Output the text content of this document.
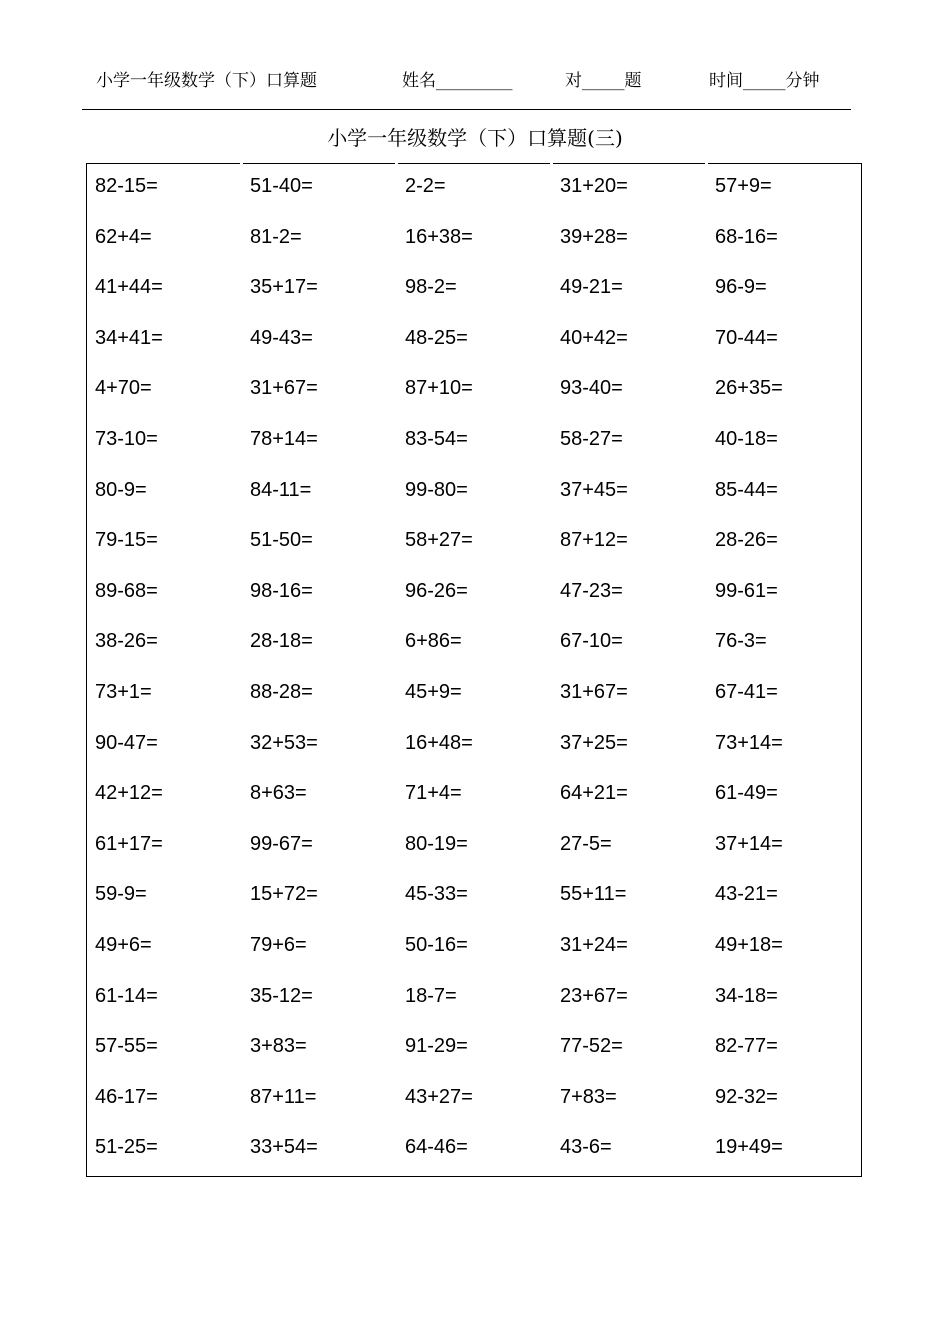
小学一年级数学（下）口算题	姓名_________	对_____题	时间_____分钟
小学一年级数学（下）口算题(三)
82-15=	51-40=	2-2=	31+20=	57+9=
62+4=	81-2=	16+38=	39+28=	68-16=
41+44=	35+17=	98-2=	49-21=	96-9=
34+41=	49-43=	48-25=	40+42=	70-44=
4+70=	31+67=	87+10=	93-40=	26+35=
73-10=	78+14=	83-54=	58-27=	40-18=
80-9=	84-11=	99-80=	37+45=	85-44=
79-15=	51-50=	58+27=	87+12=	28-26=
89-68=	98-16=	96-26=	47-23=	99-61=
38-26=	28-18=	6+86=	67-10=	76-3=
73+1=	88-28=	45+9=	31+67=	67-41=
90-47=	32+53=	16+48=	37+25=	73+14=
42+12=	8+63=	71+4=	64+21=	61-49=
61+17=	99-67=	80-19=	27-5=	37+14=
59-9=	15+72=	45-33=	55+11=	43-21=
49+6=	79+6=	50-16=	31+24=	49+18=
61-14=	35-12=	18-7=	23+67=	34-18=
57-55=	3+83=	91-29=	77-52=	82-77=
46-17=	87+11=	43+27=	7+83=	92-32=
51-25=	33+54=	64-46=	43-6=	19+49=
